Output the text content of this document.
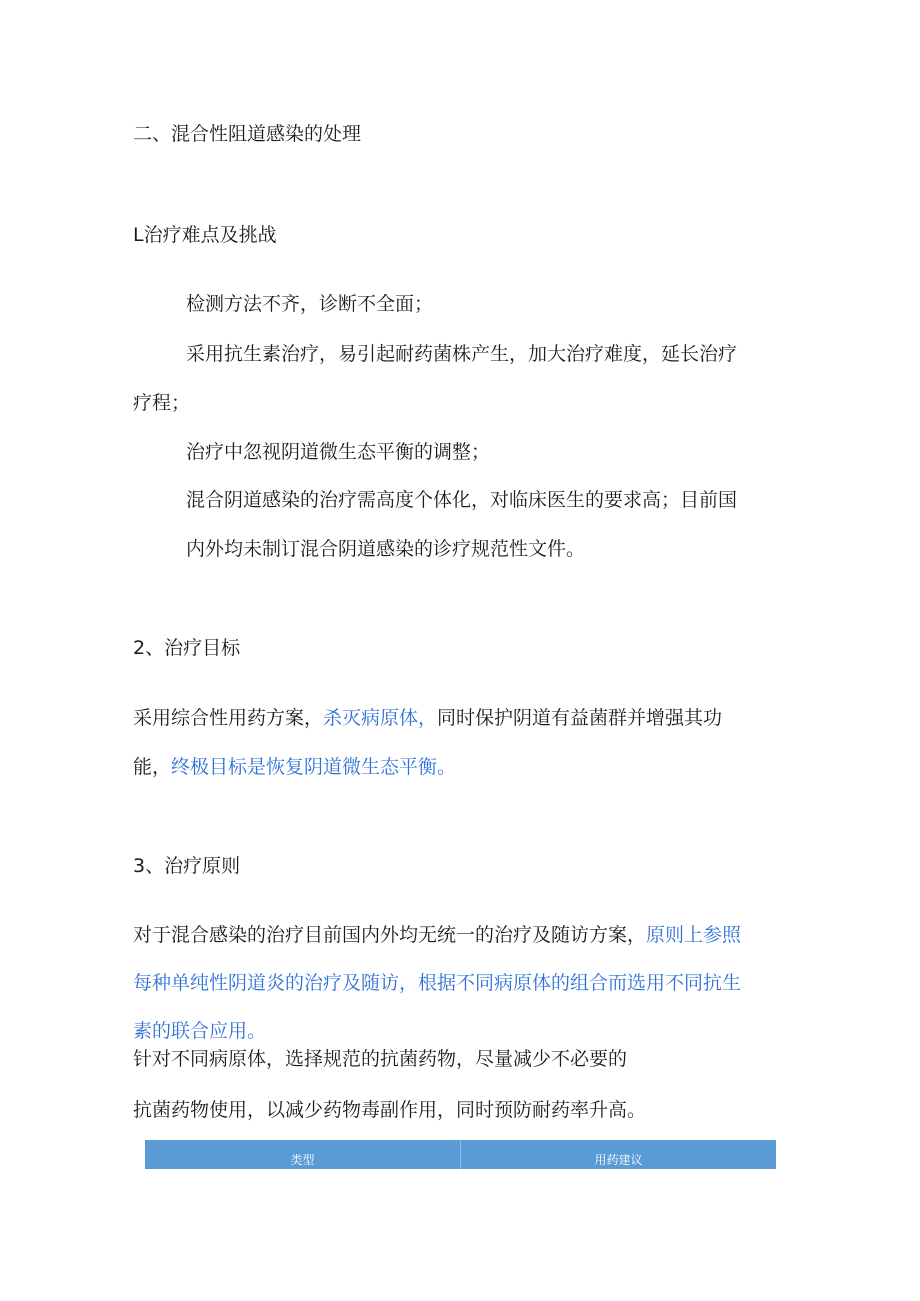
二、混合性阻道感染的处理
L治疗难点及挑战
检测方法不齐，诊断不全面；
采用抗生素治疗，易引起耐药菌株产生，加大治疗难度，延长治疗
疗程；
治疗中忽视阴道微生态平衡的调整；
混合阴道感染的治疗需高度个体化，对临床医生的要求高；目前国
内外均未制订混合阴道感染的诊疗规范性文件。
2、治疗目标
采用综合性用药方案，杀灭病原体，同时保护阴道有益菌群并增强其功
能，终极目标是恢复阴道微生态平衡。
3、治疗原则
对于混合感染的治疗目前国内外均无统一的治疗及随访方案，原则上参照
每种单纯性阴道炎的治疗及随访，根据不同病原体的组合而选用不同抗生
素的联合应用。
针对不同病原体，选择规范的抗菌药物，尽量减少不必要的
抗菌药物使用，以减少药物毒副作用，同时预防耐药率升高。
类型	用药建议
